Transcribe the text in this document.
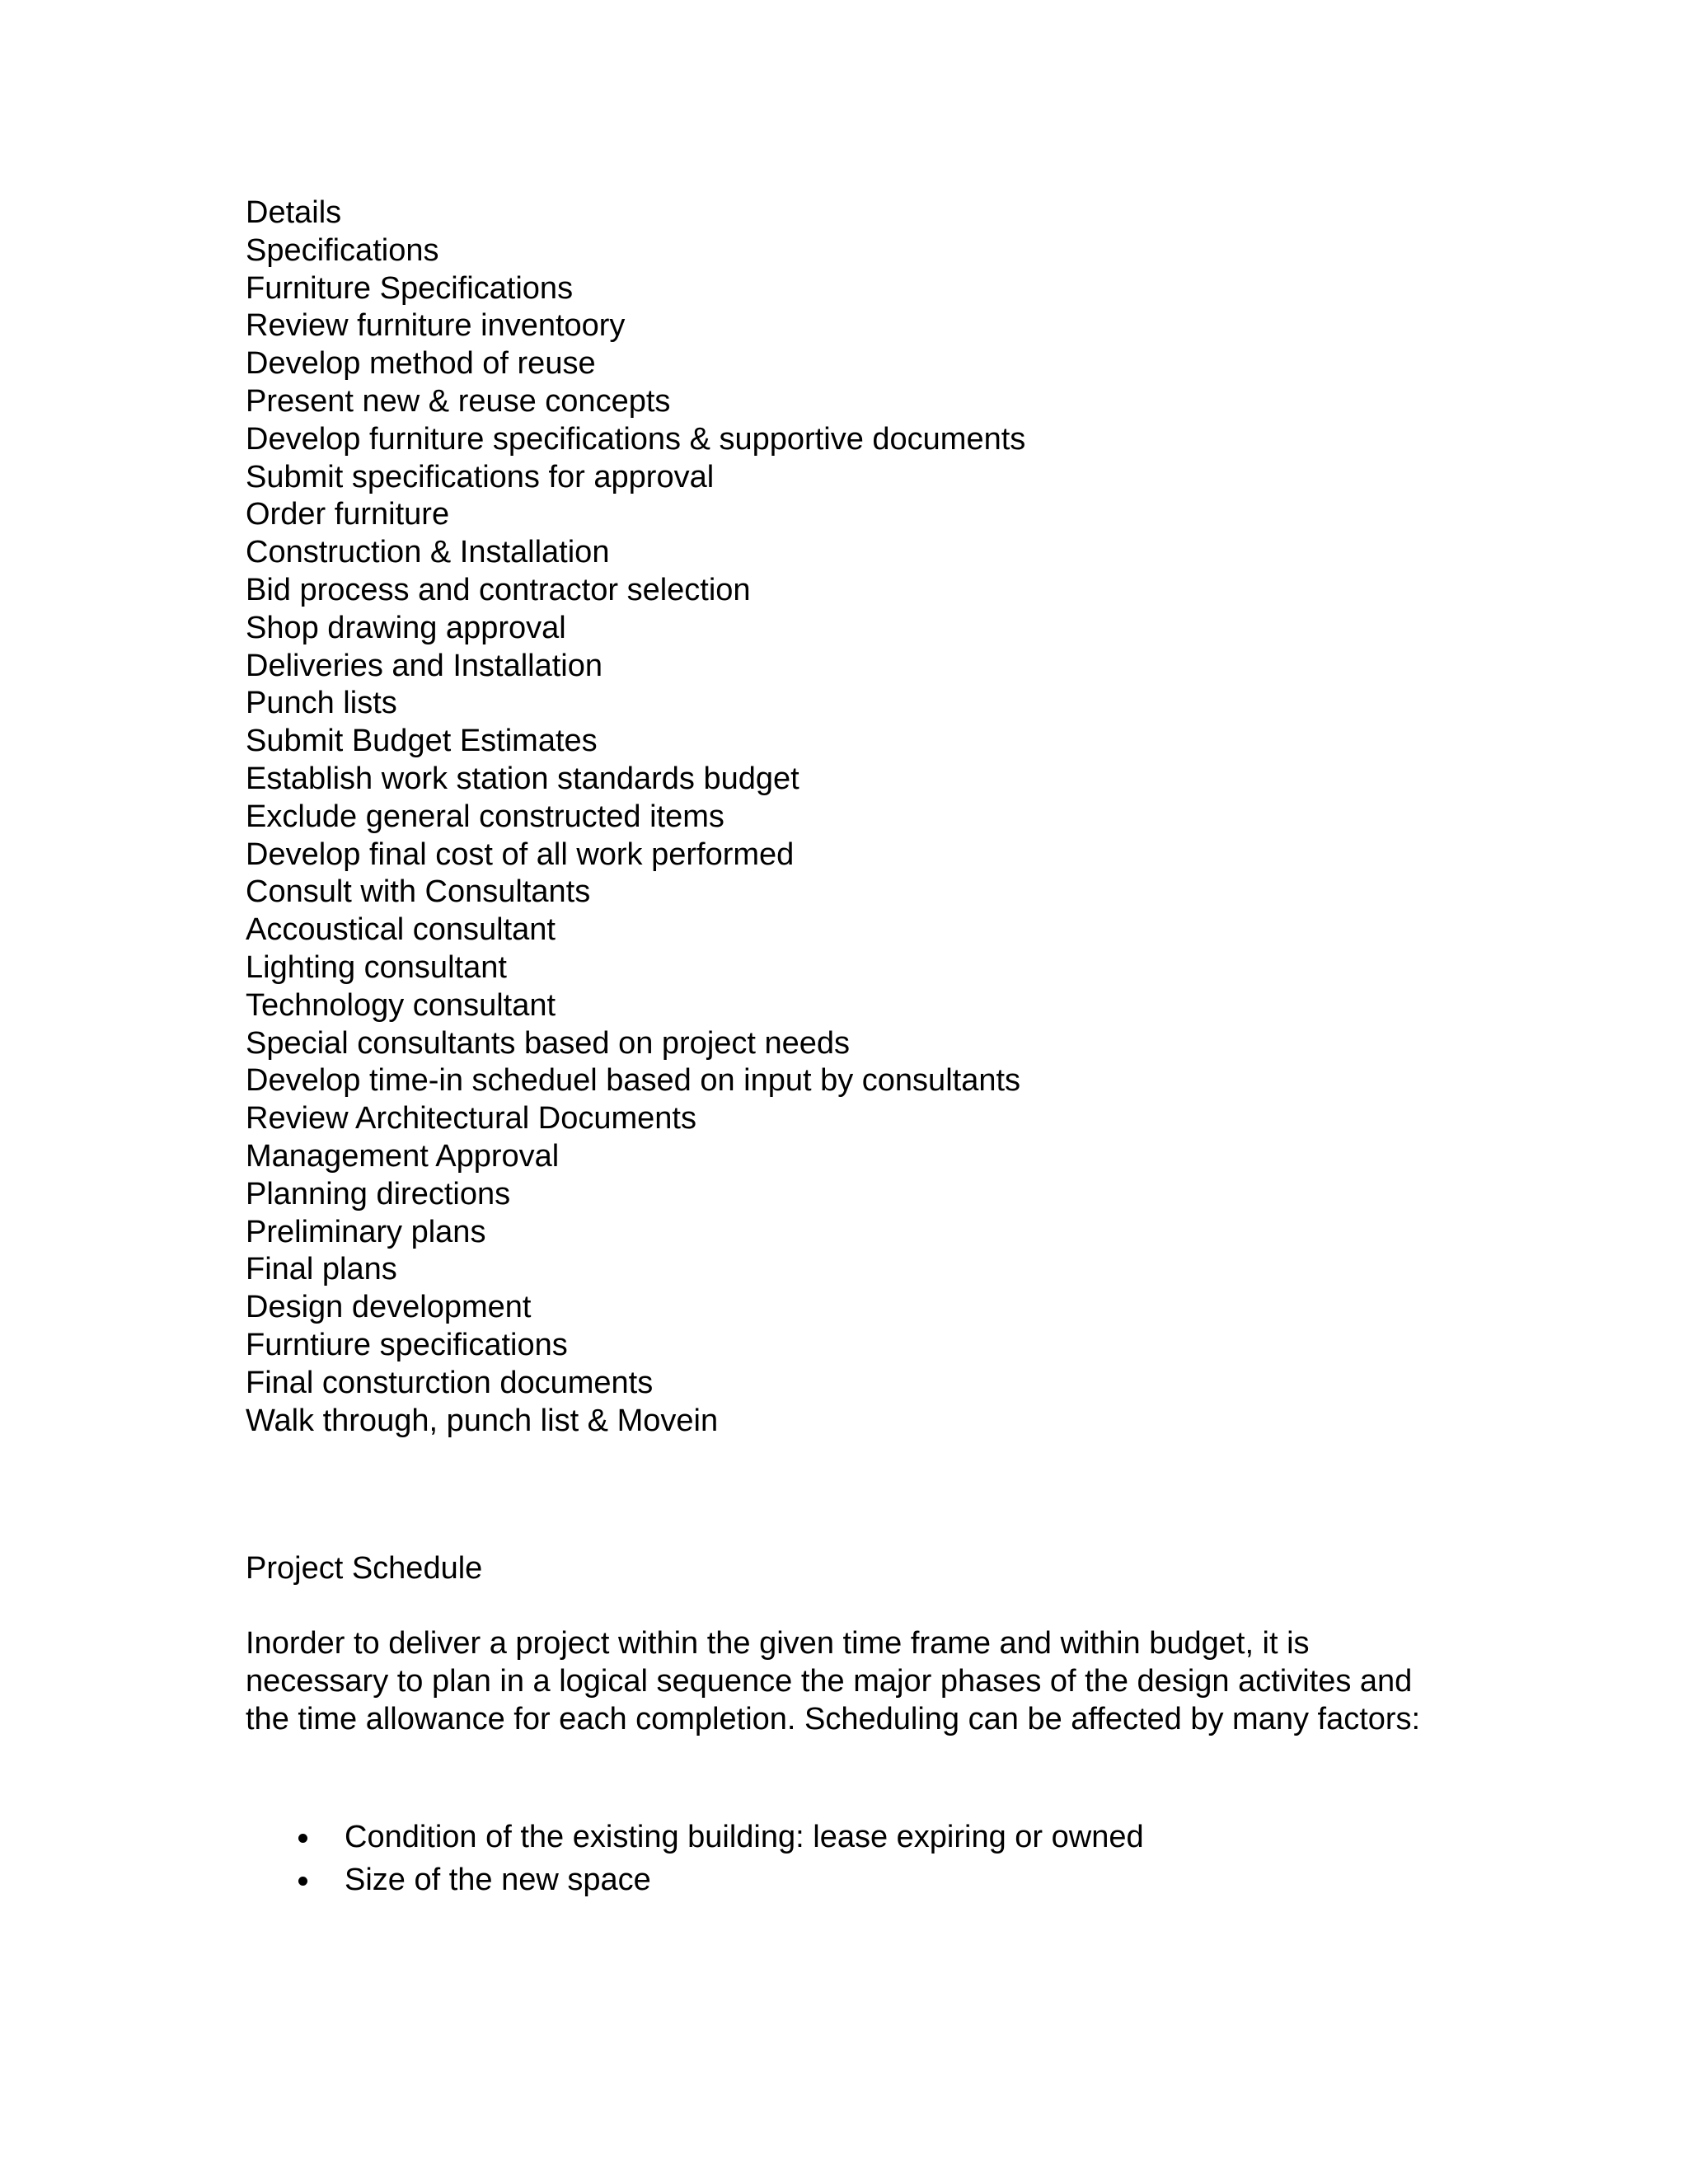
Details
Specifications
Furniture Specifications
Review furniture inventoory
Develop method of reuse
Present new & reuse concepts
Develop furniture specifications & supportive documents
Submit specifications for approval
Order furniture
Construction & Installation
Bid process and contractor selection
Shop drawing approval
Deliveries and Installation
Punch lists
Submit Budget Estimates
Establish work station standards budget
Exclude general constructed items
Develop final cost of all work performed
Consult with Consultants
Accoustical consultant
Lighting consultant
Technology consultant
Special consultants based on project needs
Develop time-in scheduel based on input by consultants
Review Architectural Documents
Management Approval
Planning directions
Preliminary plans
Final plans
Design development
Furntiure specifications
Final consturction documents
Walk through, punch list & Movein
Project Schedule

Inorder to deliver a project within the given time frame and within budget, it is necessary to plan in a logical sequence the major phases of the design activites and the time allowance for each completion. Scheduling can be affected by many factors:

Condition of the existing building: lease expiring or owned
Size of the new space
